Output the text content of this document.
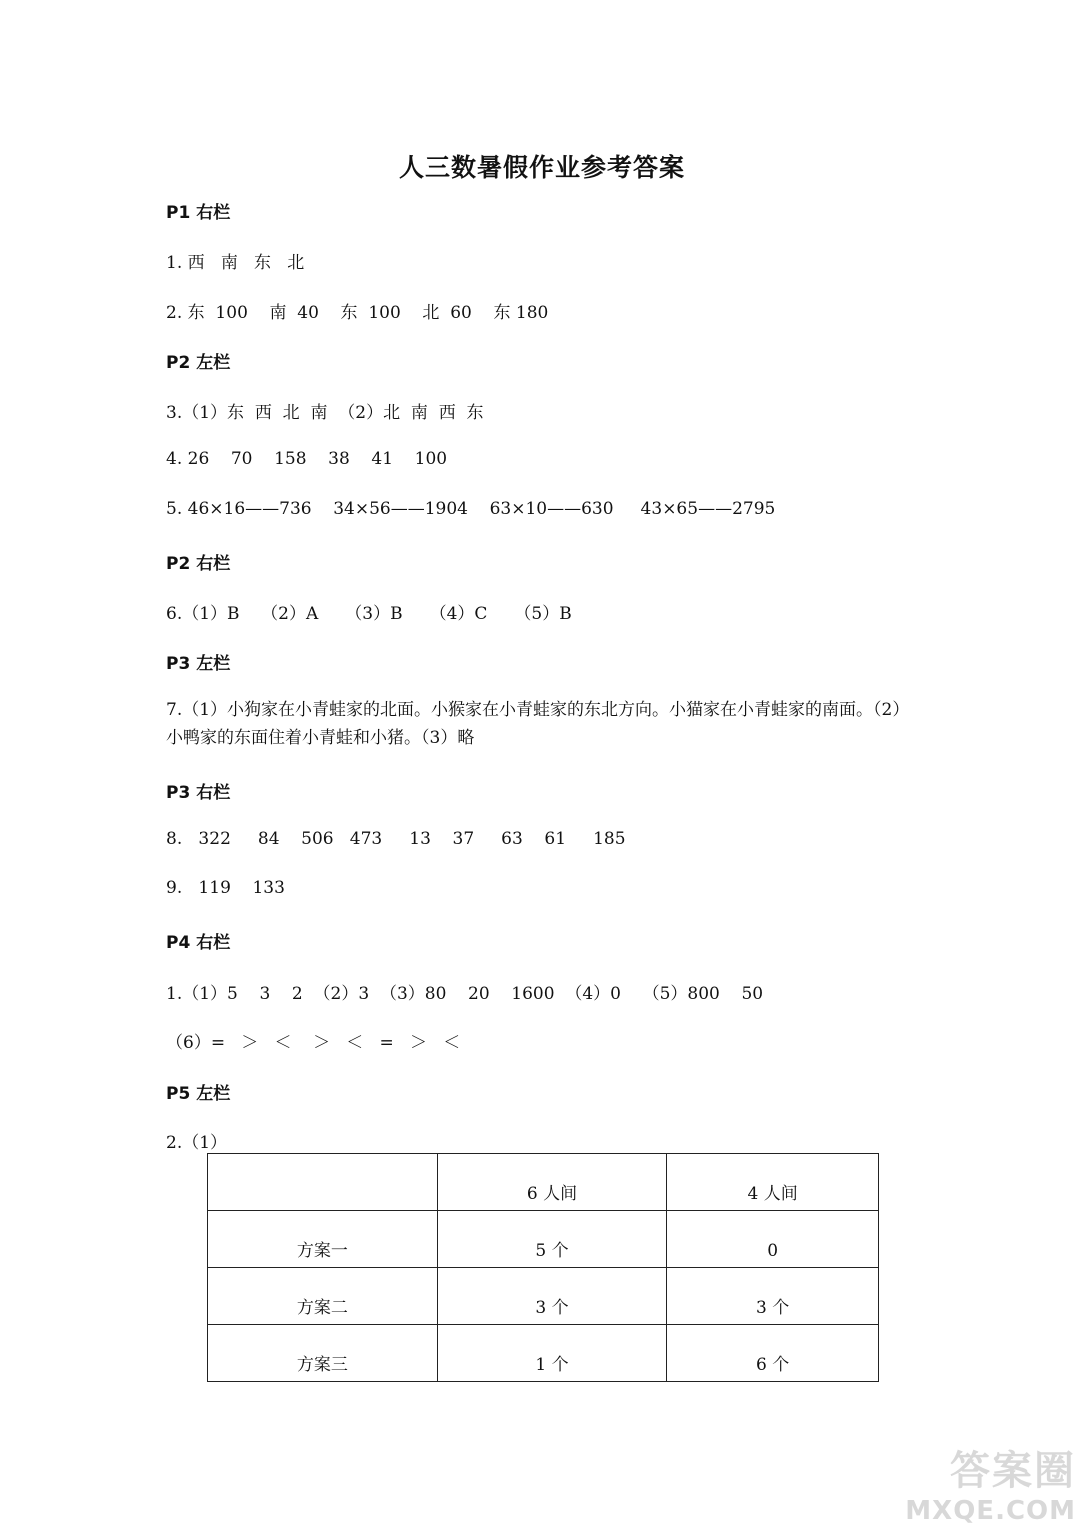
人三数暑假作业参考答案
P1 右栏
1. 西   南   东   北
2. 东  100    南  40    东  100    北  60    东 180
P2 左栏
3.（1）东  西  北  南  （2）北  南  西  东
4. 26    70    158    38    41    100
5. 46×16——736    34×56——1904    63×10——630     43×65——2795
P2 右栏
6.（1）B    （2）A     （3）B     （4）C     （5）B
P3 左栏
7.（1）小狗家在小青蛙家的北面。小猴家在小青蛙家的东北方向。小猫家在小青蛙家的南面。（2）小鸭家的东面住着小青蛙和小猪。（3）略
P3 右栏
8.   322     84    506   473     13    37     63    61     185
9.   119    133
P4 右栏
1.（1）5    3    2  （2）3  （3）80    20    1600  （4）0    （5）800    50
（6）=   ＞   ＜    ＞   ＜   =   ＞   ＜
P5 左栏
2.（1）
	6 人间	4 人间
方案一	5 个	0
方案二	3 个	3 个
方案三	1 个	6 个
答案圈
MXQE.COM
